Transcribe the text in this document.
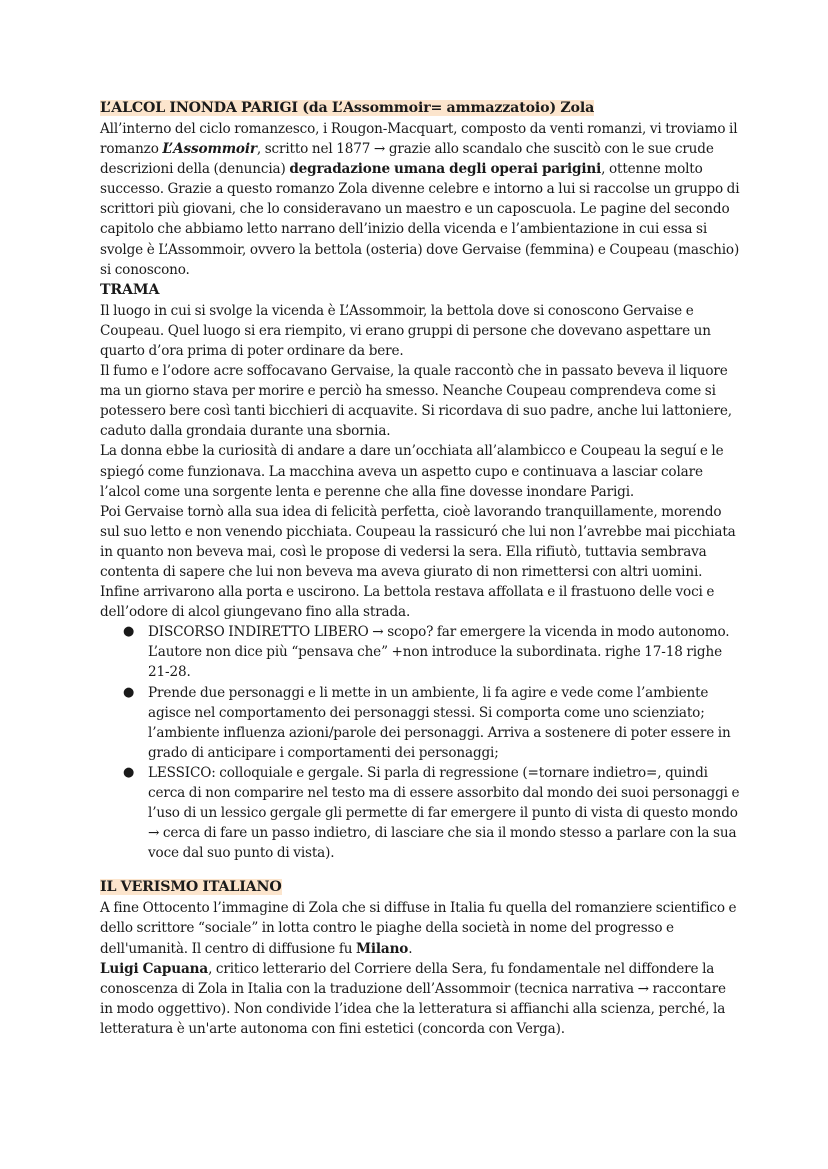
L’ALCOL INONDA PARIGI (da L’Assommoir= ammazzatoio) Zola

All’interno del ciclo romanzesco, i Rougon-Macquart, composto da venti romanzi, vi troviamo il romanzo L’Assommoir, scritto nel 1877 → grazie allo scandalo che suscitò con le sue crude descrizioni della (denuncia) degradazione umana degli operai parigini, ottenne molto successo. Grazie a questo romanzo Zola divenne celebre e intorno a lui si raccolse un gruppo di scrittori più giovani, che lo consideravano un maestro e un caposcuola. Le pagine del secondo capitolo che abbiamo letto narrano dell’inizio della vicenda e l’ambientazione in cui essa si svolge è L’Assommoir, ovvero la bettola (osteria) dove Gervaise (femmina) e Coupeau (maschio) si conoscono.

TRAMA

Il luogo in cui si svolge la vicenda è L’Assommoir, la bettola dove si conoscono Gervaise e Coupeau. Quel luogo si era riempito, vi erano gruppi di persone che dovevano aspettare un quarto d’ora prima di poter ordinare da bere.

Il fumo e l’odore acre soffocavano Gervaise, la quale raccontò che in passato beveva il liquore ma un giorno stava per morire e perciò ha smesso. Neanche Coupeau comprendeva come si potessero bere così tanti bicchieri di acquavite. Si ricordava di suo padre, anche lui lattoniere, caduto dalla grondaia durante una sbornia.

La donna ebbe la curiosità di andare a dare un’occhiata all’alambicco e Coupeau la seguí e le spiegó come funzionava. La macchina aveva un aspetto cupo e continuava a lasciar colare l’alcol come una sorgente lenta e perenne che alla fine dovesse inondare Parigi.

Poi Gervaise tornò alla sua idea di felicità perfetta, cioè lavorando tranquillamente, morendo sul suo letto e non venendo picchiata. Coupeau la rassicuró che lui non l’avrebbe mai picchiata in quanto non beveva mai, così le propose di vedersi la sera. Ella rifiutò, tuttavia sembrava contenta di sapere che lui non beveva ma aveva giurato di non rimettersi con altri uomini. Infine arrivarono alla porta e uscirono. La bettola restava affollata e il frastuono delle voci e dell’odore di alcol giungevano fino alla strada.

● DISCORSO INDIRETTO LIBERO → scopo? far emergere la vicenda in modo autonomo. L’autore non dice più “pensava che” +non introduce la subordinata. righe 17-18 righe 21-28.
● Prende due personaggi e li mette in un ambiente, li fa agire e vede come l’ambiente agisce nel comportamento dei personaggi stessi. Si comporta come uno scienziato; l’ambiente influenza azioni/parole dei personaggi. Arriva a sostenere di poter essere in grado di anticipare i comportamenti dei personaggi;
● LESSICO: colloquiale e gergale. Si parla di regressione (=tornare indietro=, quindi cerca di non comparire nel testo ma di essere assorbito dal mondo dei suoi personaggi e l’uso di un lessico gergale gli permette di far emergere il punto di vista di questo mondo → cerca di fare un passo indietro, di lasciare che sia il mondo stesso a parlare con la sua voce dal suo punto di vista).
IL VERISMO ITALIANO

A fine Ottocento l’immagine di Zola che si diffuse in Italia fu quella del romanziere scientifico e dello scrittore “sociale” in lotta contro le piaghe della società in nome del progresso e dell'umanità. Il centro di diffusione fu Milano.

Luigi Capuana, critico letterario del Corriere della Sera, fu fondamentale nel diffondere la conoscenza di Zola in Italia con la traduzione dell’Assommoir (tecnica narrativa → raccontare in modo oggettivo). Non condivide l’idea che la letteratura si affianchi alla scienza, perché, la letteratura è un'arte autonoma con fini estetici (concorda con Verga).
